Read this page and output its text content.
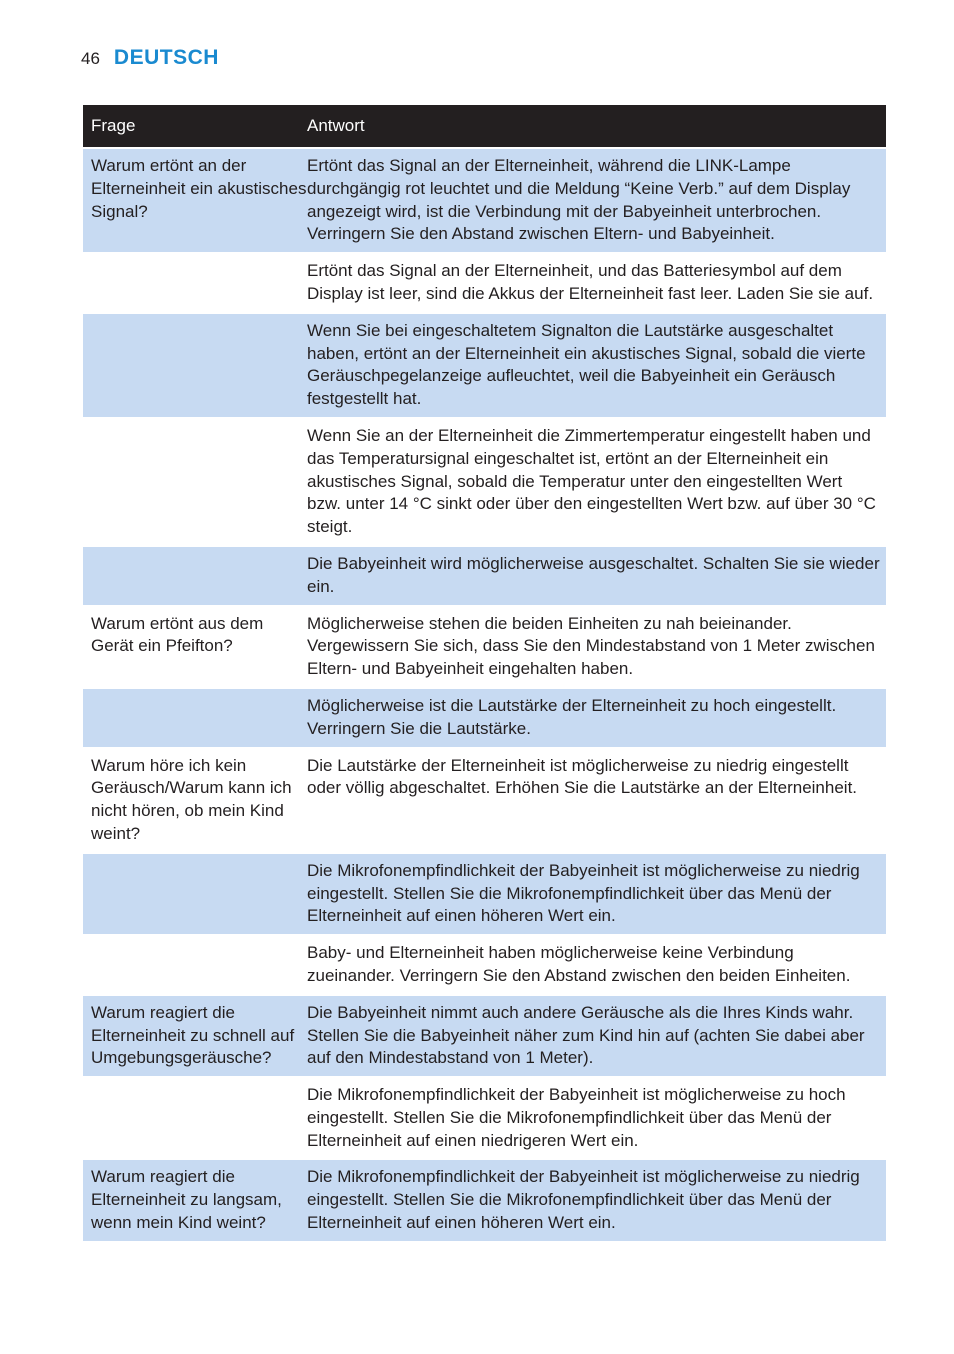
46 DEUTSCH
Frage	Antwort
Warum ertönt an der Elterneinheit ein akustisches Signal?
Ertönt das Signal an der Elterneinheit, während die LINK-Lampe durchgängig rot leuchtet und die Meldung “Keine Verb.” auf dem Display angezeigt wird, ist die Verbindung mit der Babyeinheit unterbrochen. Verringern Sie den Abstand zwischen Eltern- und Babyeinheit.
Ertönt das Signal an der Elterneinheit, und das Batteriesymbol auf dem Display ist leer, sind die Akkus der Elterneinheit fast leer. Laden Sie sie auf.
Wenn Sie bei eingeschaltetem Signalton die Lautstärke ausgeschaltet haben, ertönt an der Elterneinheit ein akustisches Signal, sobald die vierte Geräuschpegelanzeige aufleuchtet, weil die Babyeinheit ein Geräusch festgestellt hat.
Wenn Sie an der Elterneinheit die Zimmertemperatur eingestellt haben und das Temperatursignal eingeschaltet ist, ertönt an der Elterneinheit ein akustisches Signal, sobald die Temperatur unter den eingestellten Wert bzw. unter 14 °C sinkt oder über den eingestellten Wert bzw. auf über 30 °C steigt.
Die Babyeinheit wird möglicherweise ausgeschaltet. Schalten Sie sie wieder ein.
Warum ertönt aus dem Gerät ein Pfeifton?
Möglicherweise stehen die beiden Einheiten zu nah beieinander. Vergewissern Sie sich, dass Sie den Mindestabstand von 1 Meter zwischen Eltern- und Babyeinheit eingehalten haben.
Möglicherweise ist die Lautstärke der Elterneinheit zu hoch eingestellt. Verringern Sie die Lautstärke.
Warum höre ich kein Geräusch/Warum kann ich nicht hören, ob mein Kind weint?
Die Lautstärke der Elterneinheit ist möglicherweise zu niedrig eingestellt oder völlig abgeschaltet. Erhöhen Sie die Lautstärke an der Elterneinheit.
Die Mikrofonempfindlichkeit der Babyeinheit ist möglicherweise zu niedrig eingestellt. Stellen Sie die Mikrofonempfindlichkeit über das Menü der Elterneinheit auf einen höheren Wert ein.
Baby- und Elterneinheit haben möglicherweise keine Verbindung zueinander. Verringern Sie den Abstand zwischen den beiden Einheiten.
Warum reagiert die Elterneinheit zu schnell auf Umgebungsgeräusche?
Die Babyeinheit nimmt auch andere Geräusche als die Ihres Kinds wahr. Stellen Sie die Babyeinheit näher zum Kind hin auf (achten Sie dabei aber auf den Mindestabstand von 1 Meter).
Die Mikrofonempfindlichkeit der Babyeinheit ist möglicherweise zu hoch eingestellt. Stellen Sie die Mikrofonempfindlichkeit über das Menü der Elterneinheit auf einen niedrigeren Wert ein.
Warum reagiert die Elterneinheit zu langsam, wenn mein Kind weint?
Die Mikrofonempfindlichkeit der Babyeinheit ist möglicherweise zu niedrig eingestellt. Stellen Sie die Mikrofonempfindlichkeit über das Menü der Elterneinheit auf einen höheren Wert ein.
